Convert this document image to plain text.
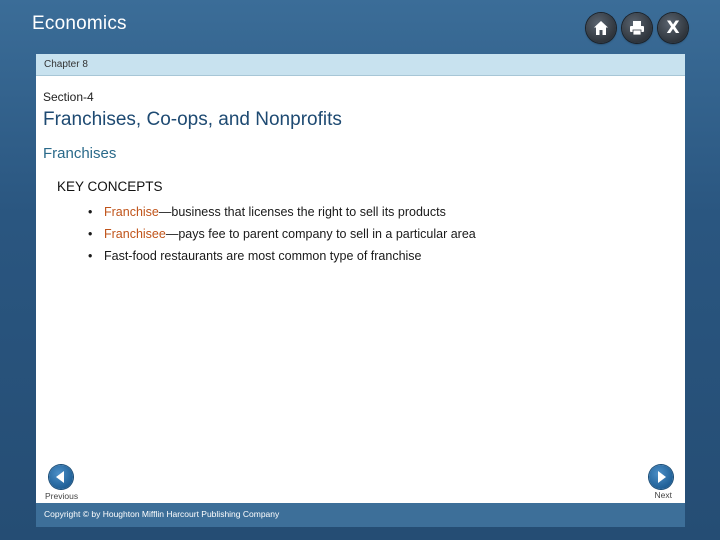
Economics	X
Chapter 8
Section-4
Franchises, Co-ops, and Nonprofits
Franchises
KEY CONCEPTS
• Franchise—business that licenses the right to sell its products
• Franchisee—pays fee to parent company to sell in a particular area
• Fast-food restaurants are most common type of franchise
Previous	Next
Copyright © by Houghton Mifflin Harcourt Publishing Company
